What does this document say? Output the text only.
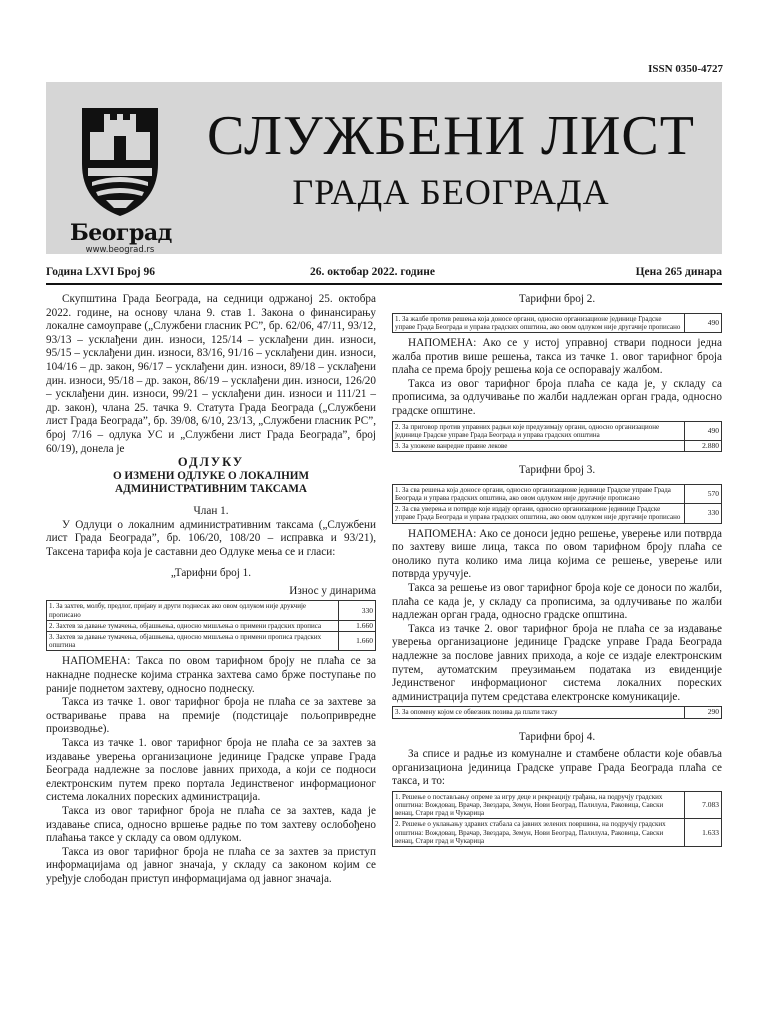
ISSN 0350-4727
Београд
www.beograd.rs
СЛУЖБЕНИ ЛИСТ
ГРАДА БЕОГРАДА
Година LXVI Број 96	26. октобар 2022. године	Цена 265 динара

Скупштина Града Београда, на седници одржаној 25. октобра 2022. године, на основу члана 9. став 1. Закона о финансирању локалне самоуправе („Службени гласник РС”, бр. 62/06, 47/11, 93/12, 93/13 – усклађени дин. износи, 125/14 – усклађени дин. износи, 95/15 – усклађени дин. износи, 83/16, 91/16 – усклађени дин. износи, 104/16 – др. закон, 96/17 – усклађени дин. износи, 89/18 – усклађени дин. износи, 95/18 – др. закон, 86/19 – усклађени дин. износи, 126/20 – усклађени дин. износи, 99/21 – усклађени дин. износи и 111/21 – др. закон), члана 25. тачка 9. Статута Града Београда („Службени лист Града Београда”, бр. 39/08, 6/10, 23/13, „Службени гласник РС”, број 7/16 – одлука УС и „Службени лист Града Београда”, број 60/19), донела је

ОДЛУКУ

О ИЗМЕНИ ОДЛУКЕ О ЛОКАЛНИМ АДМИНИСТРАТИВНИМ ТАКСАМА

Члан 1.

У Одлуци о локалним административним таксама („Службени лист Града Београда”, бр. 106/20, 108/20 – исправка и 93/21), Таксена тарифа која је саставни део Одлуке мења се и гласи:

„Тарифни број 1.

Износ у динарима

1. За захтев, молбу, предлог, пријаву и други поднесак ако овом одлуком није друкчије прописано	330
2. Захтев за давање тумачења, објашњења, односно мишљења о примени градских прописа	1.660
3. Захтев за давање тумачења, објашњења, односно мишљења о примени прописа градских општина	1.660

НАПОМЕНА: Такса по овом тарифном броју не плаћа се за накнадне поднеске којима странка захтева само брже поступање по раније поднетом захтеву, односно поднеску.

Такса из тачке 1. овог тарифног броја не плаћа се за захтеве за остваривање права на премије (подстицаје пољопривредне производње).

Такса из тачке 1. овог тарифног броја не плаћа се за захтев за издавање уверења организационе јединице Градске управе Града Београда надлежне за послове јавних прихода, а који се подноси електронским путем преко портала Јединственог информационог система локалних пореских администрација.

Такса из овог тарифног броја не плаћа се за захтев, када је издавање списа, односно вршење радње по том захтеву ослобођено плаћања таксе у складу са овом одлуком.

Такса из овог тарифног броја не плаћа се за захтев за приступ информацијама од јавног значаја, у складу са законом којим се уређује слободан приступ информацијама од јавног значаја.

Тарифни број 2.

1. За жалбе против решења која доносе органи, односно организационе јединице Градске управе Града Београда и управа градских општина, ако овом одлуком није другачије прописано	490

НАПОМЕНА: Ако се у истој управној ствари подноси једна жалба против више решења, такса из тачке 1. овог тарифног броја плаћа се према броју решења која се оспоравају жалбом.

Такса из овог тарифног броја плаћа се када је, у складу са прописима, за одлучивање по жалби надлежан орган града, односно градске општине.

2. За приговор против управних радњи које предузимају органи, односно организационе јединице Градске управе Града Београда и управа градских општина	490
3. За уложене ванредне правне лекове	2.880

Тарифни број 3.

1. За сва решења која доносе органи, односно организационе јединице Градске управе Града Београда и управа градских општина, ако овом одлуком није другачије прописано	570
2. За сва уверења и потврде које издају органи, односно организационе јединице Градске управе Града Београда и управа градских општина, ако овом одлуком није другачије прописано	330

НАПОМЕНА: Ако се доноси једно решење, уверење или потврда по захтеву више лица, такса по овом тарифном броју плаћа се онолико пута колико има лица којима се решење, уверење или потврда уручује.

Такса за решење из овог тарифног броја које се доноси по жалби, плаћа се када је, у складу са прописима, за одлучивање по жалби надлежан орган града, односно градске општина.

Такса из тачке 2. овог тарифног броја не плаћа се за издавање уверења организационе јединице Градске управе Града Београда надлежне за послове јавних прихода, а које се издаје електронским путем, аутоматским преузимањем података из евиденције Јединственог информационог система локалних пореских администрација путем средстава електронске комуникације.

3. За опомену којом се обвезник позива да плати таксу	290

Тарифни број 4.

За списе и радње из комуналне и стамбене области које обавља организациона јединица Градске управе Града Београда плаћа се такса, и то:

1. Решење о постављању опреме за игру деце и рекреацију грађана, на подручју градских општина: Вождовац, Врачар, Звездара, Земун, Нови Београд, Палилула, Раковица, Савски венац, Стари град и Чукарица	7.083
2. Решење о уклањању здравих стабала са јавних зелених површина, на подручју градских општина: Вождовац, Врачар, Звездара, Земун, Нови Београд, Палилула, Раковица, Савски венац, Стари град и Чукарица	1.633
